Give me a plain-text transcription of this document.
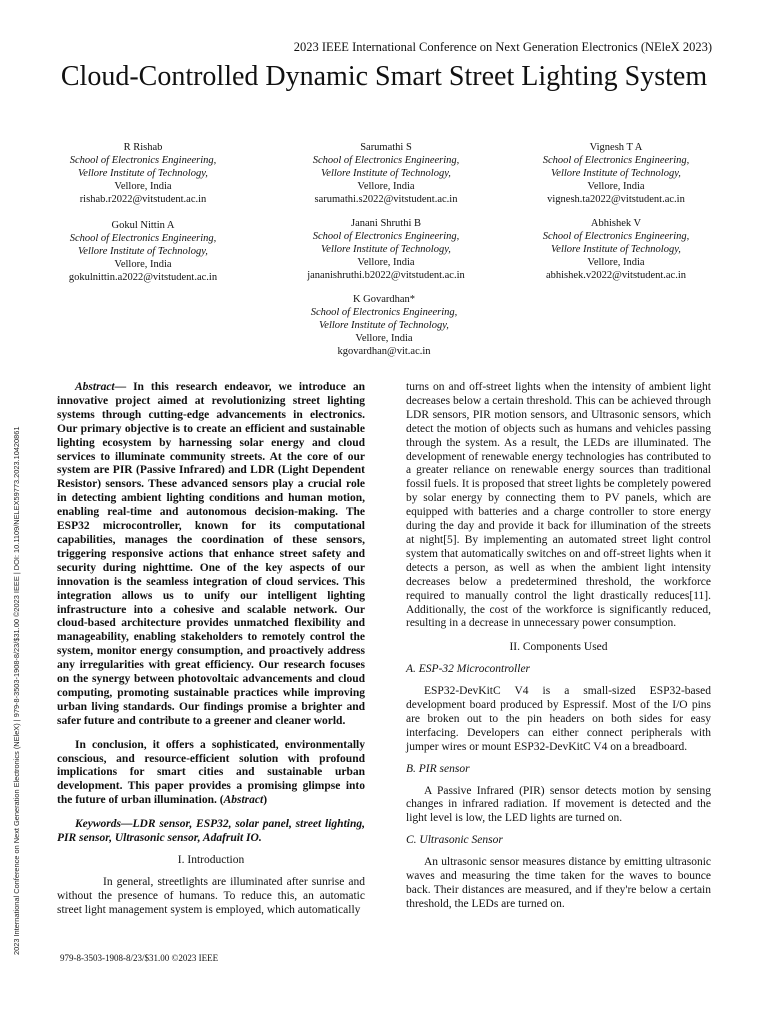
2023 IEEE International Conference on Next Generation Electronics (NEleX 2023)
Cloud-Controlled Dynamic Smart Street Lighting System
R Rishab
School of Electronics Engineering,
Vellore Institute of Technology,
Vellore, India
rishab.r2022@vitstudent.ac.in
Sarumathi S
School of Electronics Engineering,
Vellore Institute of Technology,
Vellore, India
sarumathi.s2022@vitstudent.ac.in
Vignesh T A
School of Electronics Engineering,
Vellore Institute of Technology,
Vellore, India
vignesh.ta2022@vitstudent.ac.in
Gokul Nittin A
School of Electronics Engineering,
Vellore Institute of Technology,
Vellore, India
gokulnittin.a2022@vitstudent.ac.in
Janani Shruthi B
School of Electronics Engineering,
Vellore Institute of Technology,
Vellore, India
jananishruthi.b2022@vitstudent.ac.in
Abhishek V
School of Electronics Engineering,
Vellore Institute of Technology,
Vellore, India
abhishek.v2022@vitstudent.ac.in
K Govardhan*
School of Electronics Engineering,
Vellore Institute of Technology,
Vellore, India
kgovardhan@vit.ac.in

Abstract— In this research endeavor, we introduce an innovative project aimed at revolutionizing street lighting systems through cutting-edge advancements in electronics. Our primary objective is to create an efficient and sustainable lighting ecosystem by harnessing solar energy and cloud services to illuminate community streets. At the core of our system are PIR (Passive Infrared) and LDR (Light Dependent Resistor) sensors. These advanced sensors play a crucial role in detecting ambient lighting conditions and human motion, enabling real-time and autonomous decision-making. The ESP32 microcontroller, known for its computational capabilities, manages the coordination of these sensors, triggering responsive actions that enhance street safety and security during nighttime. One of the key aspects of our innovation is the seamless integration of cloud services. This integration allows us to unify our intelligent lighting infrastructure into a cohesive and scalable network. Our cloud-based architecture provides unmatched flexibility and manageability, enabling stakeholders to remotely control the system, monitor energy consumption, and proactively address any irregularities with great efficiency. Our research focuses on the synergy between photovoltaic advancements and cloud computing, promoting sustainable practices while improving urban living standards. Our findings promise a brighter and safer future and contribute to a greener and cleaner world.

In conclusion, it offers a sophisticated, environmentally conscious, and resource-efficient solution with profound implications for smart cities and sustainable urban development. This paper provides a promising glimpse into the future of urban illumination. (Abstract)

Keywords—LDR sensor, ESP32, solar panel, street lighting, PIR sensor, Ultrasonic sensor, Adafruit IO.

I. Introduction

In general, streetlights are illuminated after sunrise and without the presence of humans. To reduce this, an automatic street light management system is employed, which automatically

turns on and off-street lights when the intensity of ambient light decreases below a certain threshold. This can be achieved through LDR sensors, PIR motion sensors, and Ultrasonic sensors, which detect the motion of objects such as humans and vehicles passing through the system. As a result, the LEDs are illuminated. The development of renewable energy technologies has contributed to a greater reliance on renewable energy sources than traditional fossil fuels. It is proposed that street lights be completely powered by solar energy by connecting them to PV panels, which are equipped with batteries and a charge controller to store energy during the day and provide it back for illumination of the streets at night[5]. By implementing an automated street light control system that automatically switches on and off-street lights when it detects a person, as well as when the ambient light intensity decreases below a predetermined threshold, the workforce required to manually control the light drastically reduces[11]. Additionally, the cost of the workforce is significantly reduced, resulting in a decrease in unnecessary power consumption.

II. Components Used

A. ESP-32 Microcontroller

ESP32-DevKitC V4 is a small-sized ESP32-based development board produced by Espressif. Most of the I/O pins are broken out to the pin headers on both sides for easy interfacing. Developers can either connect peripherals with jumper wires or mount ESP32-DevKitC V4 on a breadboard.

B. PIR sensor

A Passive Infrared (PIR) sensor detects motion by sensing changes in infrared radiation. If movement is detected and the light level is low, the LED lights are turned on.

C. Ultrasonic Sensor

An ultrasonic sensor measures distance by emitting ultrasonic waves and measuring the time taken for the waves to bounce back. Their distances are measured, and if they're below a certain threshold, the LEDs are turned on.

2023 International Conference on Next Generation Electronics (NEleX) | 979-8-3503-1908-8/23/$31.00 ©2023 IEEE | DOI: 10.1109/NELEX59773.2023.10420861
979-8-3503-1908-8/23/$31.00 ©2023 IEEE
